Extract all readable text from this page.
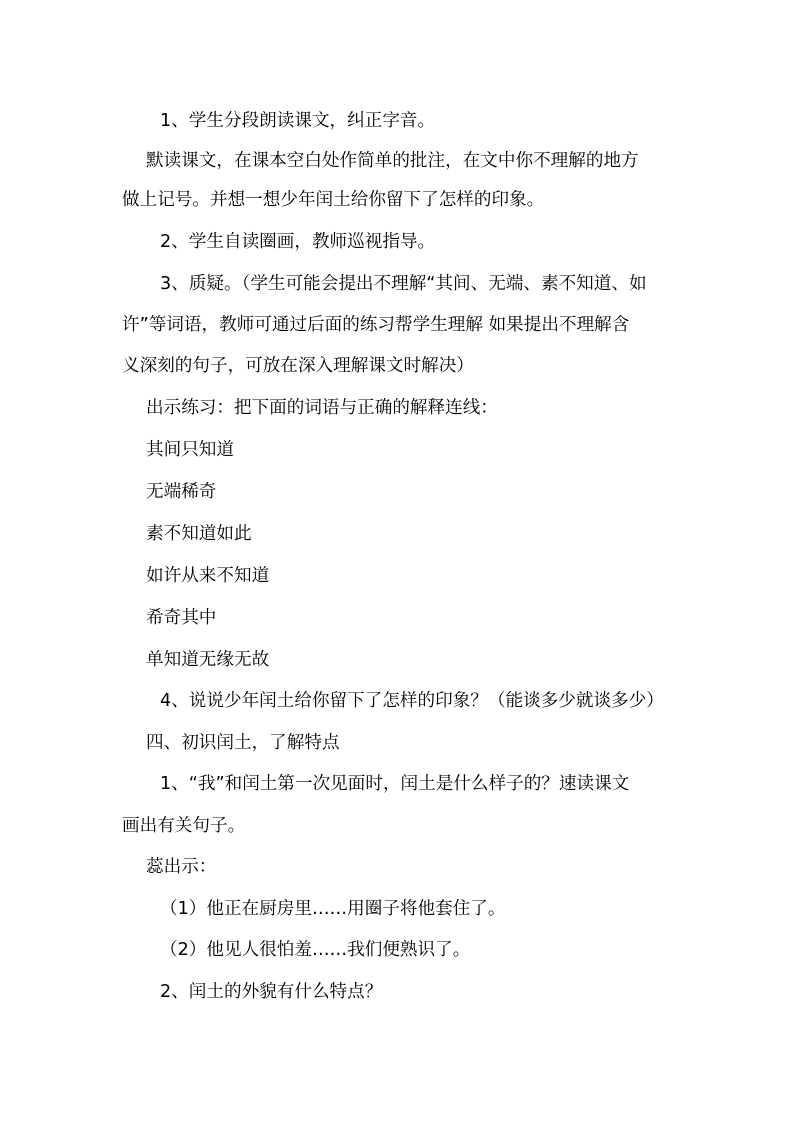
1、学生分段朗读课文，纠正字音。
默读课文，在课本空白处作简单的批注，在文中你不理解的地方
做上记号。并想一想少年闰土给你留下了怎样的印象。
2、学生自读圈画，教师巡视指导。
3、质疑。（学生可能会提出不理解“其间、无端、素不知道、如
许”等词语，教师可通过后面的练习帮学生理解 如果提出不理解含
义深刻的句子，可放在深入理解课文时解决）
出示练习：把下面的词语与正确的解释连线：
其间只知道
无端稀奇
素不知道如此
如许从来不知道
希奇其中
单知道无缘无故
4、说说少年闰土给你留下了怎样的印象？（能谈多少就谈多少）
四、初识闰土，了解特点
1、“我”和闰土第一次见面时，闰土是什么样子的？速读课文
画出有关句子。
蕊出示：
（1）他正在厨房里……用圈子将他套住了。
（2）他见人很怕羞……我们便熟识了。
2、闰土的外貌有什么特点？
